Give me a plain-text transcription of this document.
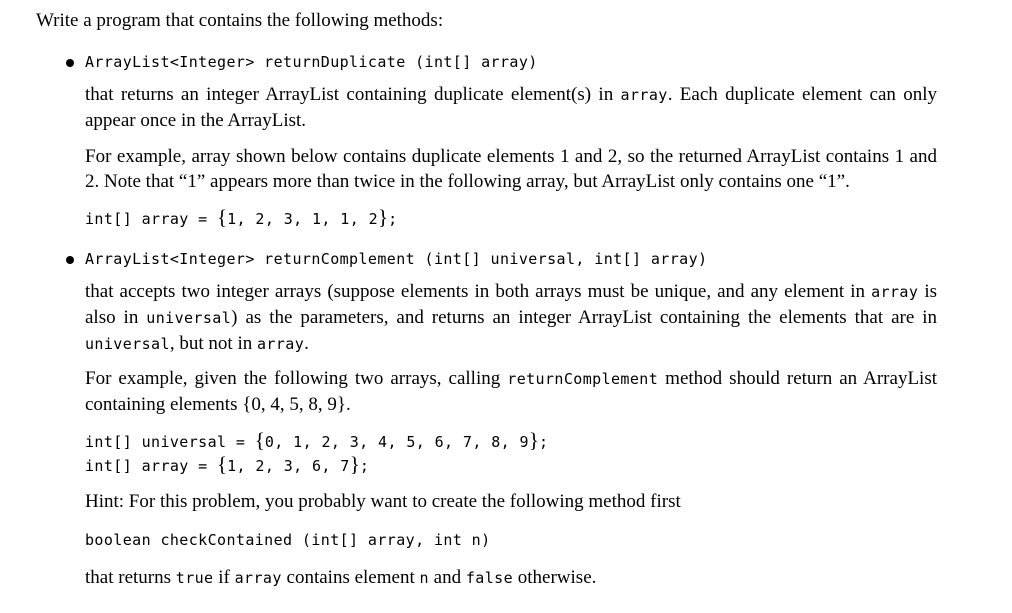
Write a program that contains the following methods:
ArrayList<Integer> returnDuplicate (int[] array)
that returns an integer ArrayList containing duplicate element(s) in array. Each duplicate element can only appear once in the ArrayList.
For example, array shown below contains duplicate elements 1 and 2, so the returned ArrayList contains 1 and 2. Note that “1” appears more than twice in the following array, but ArrayList only contains one “1”.
int[] array = {1, 2, 3, 1, 1, 2};
ArrayList<Integer> returnComplement (int[] universal, int[] array)
that accepts two integer arrays (suppose elements in both arrays must be unique, and any element in array is also in universal) as the parameters, and returns an integer ArrayList containing the elements that are in universal, but not in array.
For example, given the following two arrays, calling returnComplement method should return an ArrayList containing elements {0, 4, 5, 8, 9}.
int[] universal = {0, 1, 2, 3, 4, 5, 6, 7, 8, 9};
int[] array = {1, 2, 3, 6, 7};
Hint: For this problem, you probably want to create the following method first
boolean checkContained (int[] array, int n)
that returns true if array contains element n and false otherwise.
